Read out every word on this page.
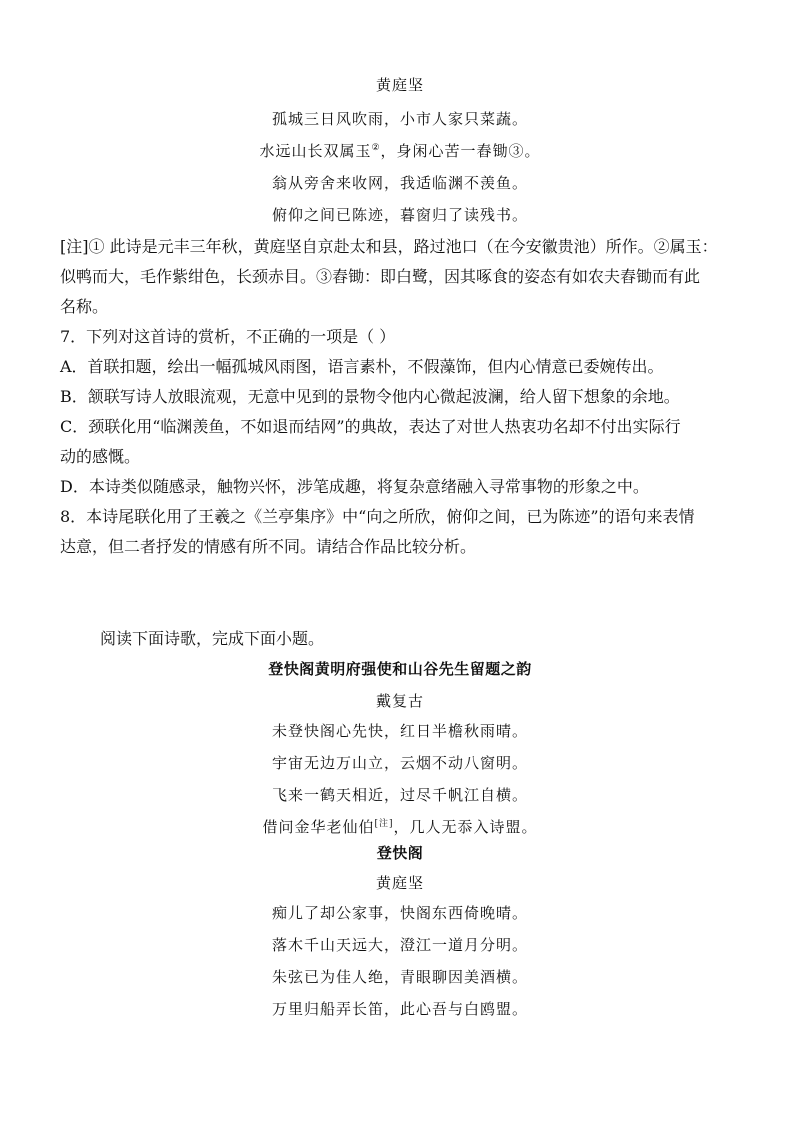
黄庭坚
孤城三日风吹雨，小市人家只菜蔬。
水远山长双属玉②，身闲心苦一舂锄③。
翁从旁舍来收网，我适临渊不羡鱼。
俯仰之间已陈迹，暮窗归了读残书。
[注]① 此诗是元丰三年秋，黄庭坚自京赴太和县，路过池口（在今安徽贵池）所作。②属玉：
似鸭而大，毛作紫绀色，长颈赤目。③舂锄：即白鹭，因其啄食的姿态有如农夫舂锄而有此
名称。
7．下列对这首诗的赏析，不正确的一项是（ ）
A．首联扣题，绘出一幅孤城风雨图，语言素朴，不假藻饰，但内心情意已委婉传出。
B．颔联写诗人放眼流观，无意中见到的景物令他内心微起波澜，给人留下想象的余地。
C．颈联化用“临渊羡鱼，不如退而结网”的典故，表达了对世人热衷功名却不付出实际行
动的感慨。
D．本诗类似随感录，触物兴怀，涉笔成趣，将复杂意绪融入寻常事物的形象之中。
8．本诗尾联化用了王羲之《兰亭集序》中“向之所欣，俯仰之间，已为陈迹”的语句来表情
达意，但二者抒发的情感有所不同。请结合作品比较分析。
阅读下面诗歌，完成下面小题。
登快阁黄明府强使和山谷先生留题之韵
戴复古
未登快阁心先快，红日半檐秋雨晴。
宇宙无边万山立，云烟不动八窗明。
飞来一鹤天相近，过尽千帆江自横。
借问金华老仙伯[注]，几人无忝入诗盟。
登快阁
黄庭坚
痴儿了却公家事，快阁东西倚晚晴。
落木千山天远大，澄江一道月分明。
朱弦已为佳人绝，青眼聊因美酒横。
万里归船弄长笛，此心吾与白鸥盟。
